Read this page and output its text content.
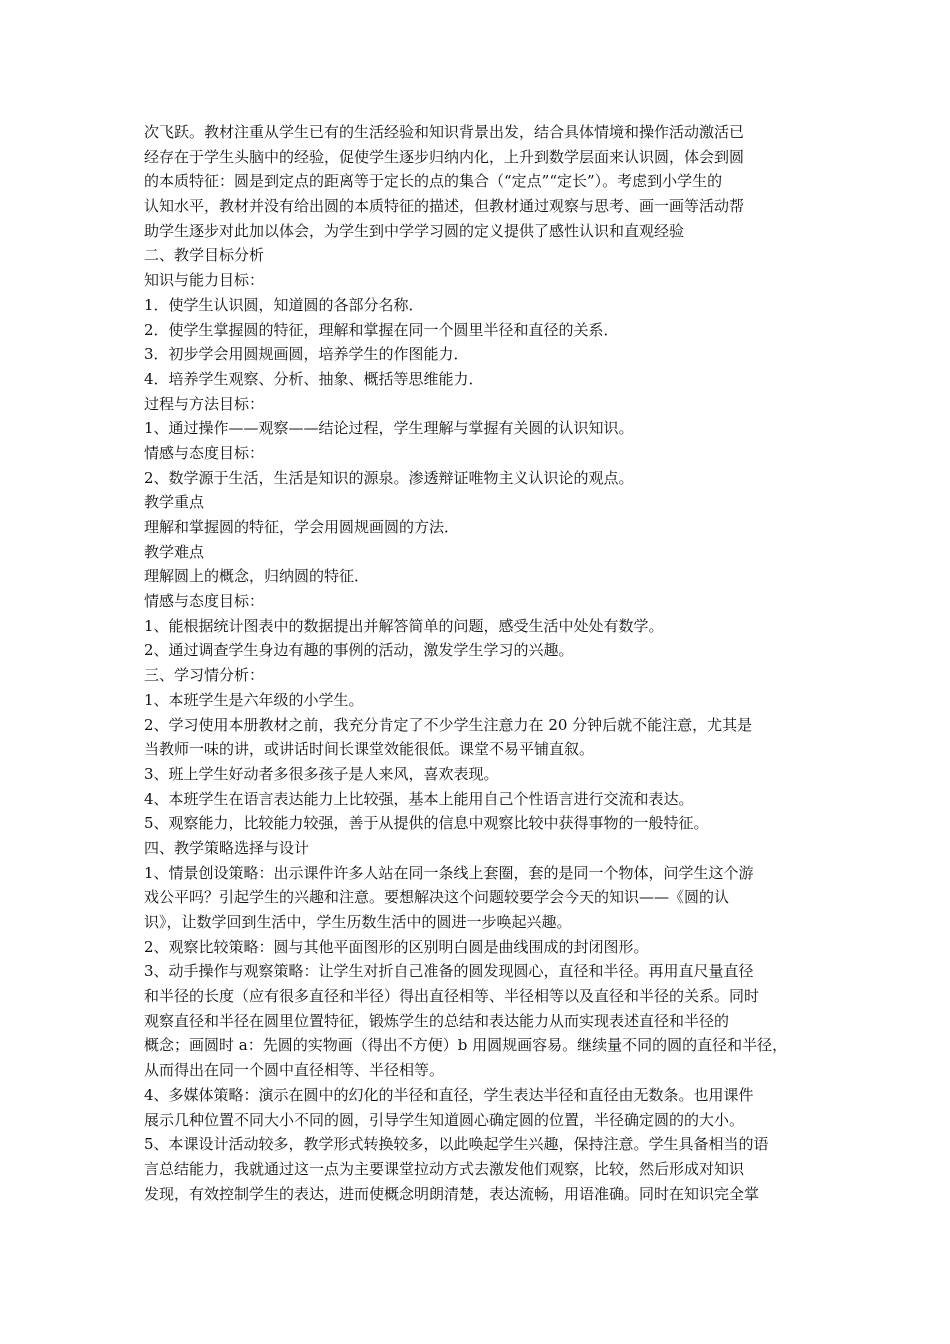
次飞跃。教材注重从学生已有的生活经验和知识背景出发，结合具体情境和操作活动激活已
经存在于学生头脑中的经验，促使学生逐步归纳内化，上升到数学层面来认识圆，体会到圆
的本质特征：圆是到定点的距离等于定长的点的集合（“定点”“定长”）。考虑到小学生的
认知水平，教材并没有给出圆的本质特征的描述，但教材通过观察与思考、画一画等活动帮
助学生逐步对此加以体会，为学生到中学学习圆的定义提供了感性认识和直观经验
二、教学目标分析
知识与能力目标：
1．使学生认识圆，知道圆的各部分名称．
2．使学生掌握圆的特征，理解和掌握在同一个圆里半径和直径的关系．
3．初步学会用圆规画圆，培养学生的作图能力．
4．培养学生观察、分析、抽象、概括等思维能力．
过程与方法目标：
1、通过操作——观察——结论过程，学生理解与掌握有关圆的认识知识。
情感与态度目标：
2、数学源于生活，生活是知识的源泉。渗透辩证唯物主义认识论的观点。
教学重点
理解和掌握圆的特征，学会用圆规画圆的方法．
教学难点
理解圆上的概念，归纳圆的特征．
情感与态度目标：
1、能根据统计图表中的数据提出并解答简单的问题，感受生活中处处有数学。
2、通过调查学生身边有趣的事例的活动，激发学生学习的兴趣。
三、学习情分析：
1、本班学生是六年级的小学生。
2、学习使用本册教材之前，我充分肯定了不少学生注意力在 20 分钟后就不能注意，尤其是
当教师一味的讲，或讲话时间长课堂效能很低。课堂不易平铺直叙。
3、班上学生好动者多很多孩子是人来风，喜欢表现。
4、本班学生在语言表达能力上比较强，基本上能用自己个性语言进行交流和表达。
5、观察能力，比较能力较强，善于从提供的信息中观察比较中获得事物的一般特征。
四、教学策略选择与设计
1、情景创设策略：出示课件许多人站在同一条线上套圈，套的是同一个物体，问学生这个游
戏公平吗？引起学生的兴趣和注意。要想解决这个问题较要学会今天的知识——《圆的认
识》，让数学回到生活中，学生历数生活中的圆进一步唤起兴趣。
2、观察比较策略：圆与其他平面图形的区别明白圆是曲线围成的封闭图形。
3、动手操作与观察策略：让学生对折自己准备的圆发现圆心，直径和半径。再用直尺量直径
和半径的长度（应有很多直径和半径）得出直径相等、半径相等以及直径和半径的关系。同时
观察直径和半径在圆里位置特征，锻炼学生的总结和表达能力从而实现表述直径和半径的
概念；画圆时 a：先圆的实物画（得出不方便）b 用圆规画容易。继续量不同的圆的直径和半径，
从而得出在同一个圆中直径相等、半径相等。
4、多媒体策略：演示在圆中的幻化的半径和直径，学生表达半径和直径由无数条。也用课件
展示几种位置不同大小不同的圆，引导学生知道圆心确定圆的位置，半径确定圆的的大小。
5、本课设计活动较多，教学形式转换较多，以此唤起学生兴趣，保持注意。学生具备相当的语
言总结能力，我就通过这一点为主要课堂拉动方式去激发他们观察，比较，然后形成对知识
发现，有效控制学生的表达，进而使概念明朗清楚，表达流畅，用语准确。同时在知识完全掌
